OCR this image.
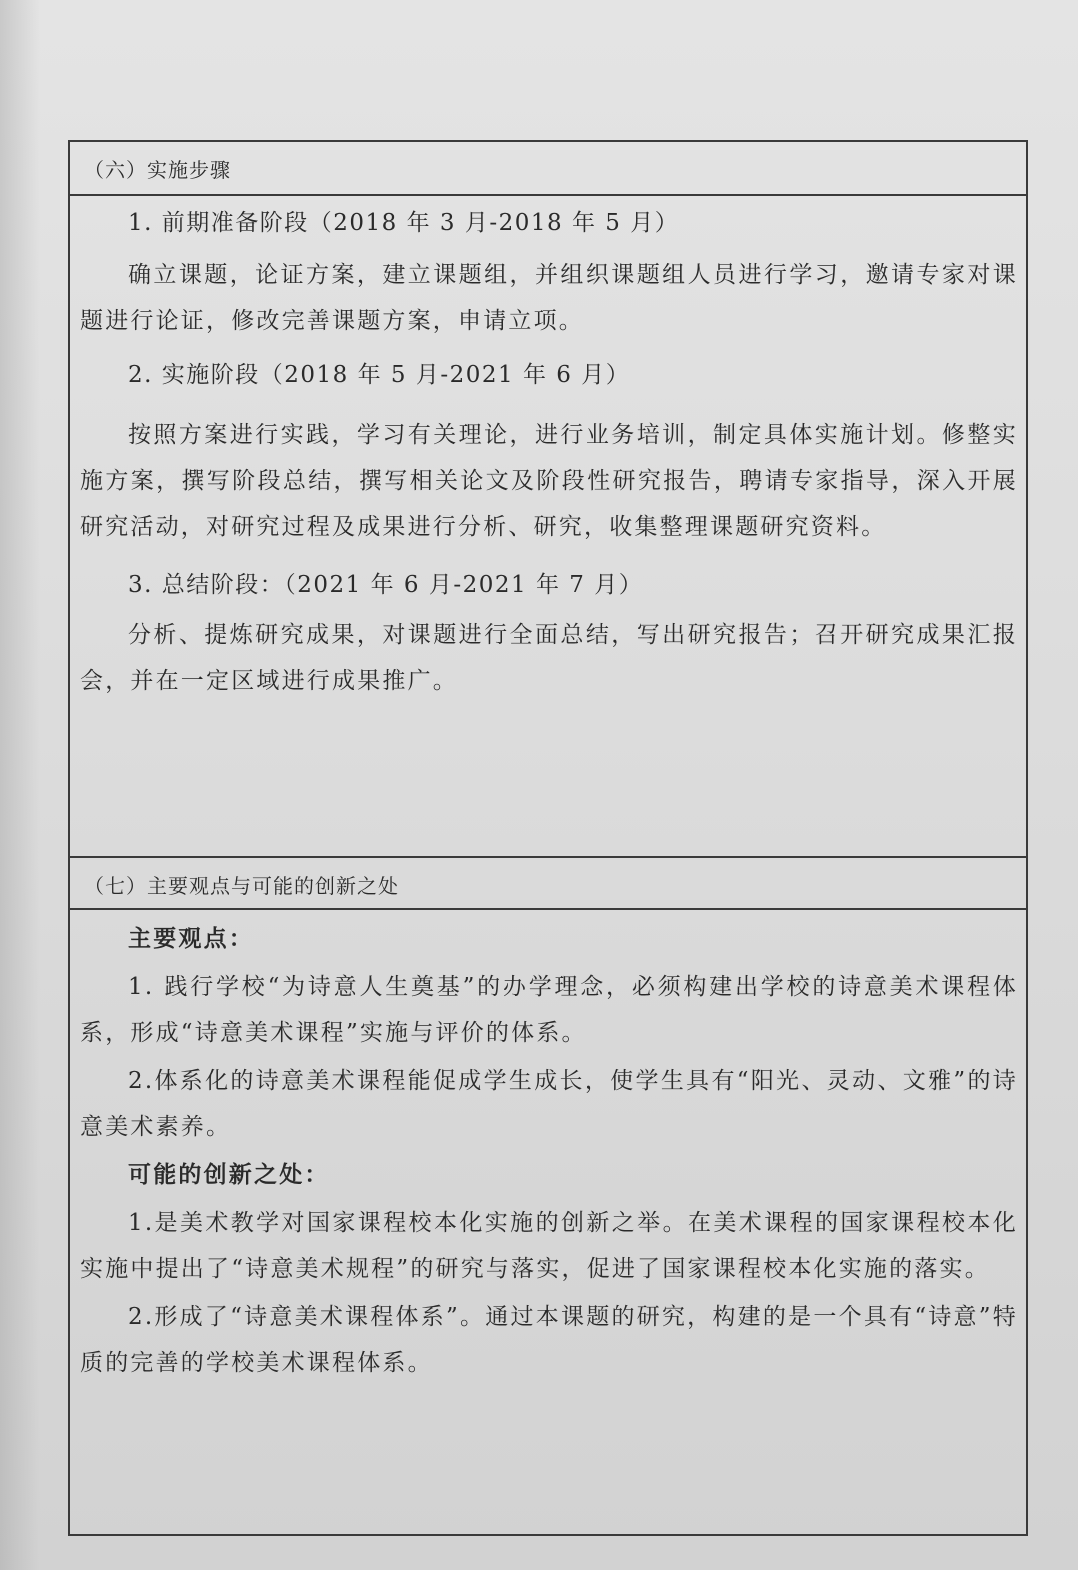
（六）实施步骤

1. 前期准备阶段（2018 年 3 月-2018 年 5 月）

确立课题，论证方案，建立课题组，并组织课题组人员进行学习，邀请专家对课题进行论证，修改完善课题方案，申请立项。

2. 实施阶段（2018 年 5 月-2021 年 6 月）

按照方案进行实践，学习有关理论，进行业务培训，制定具体实施计划。修整实施方案，撰写阶段总结，撰写相关论文及阶段性研究报告，聘请专家指导，深入开展研究活动，对研究过程及成果进行分析、研究，收集整理课题研究资料。

3. 总结阶段：（2021 年 6 月-2021 年 7 月）

分析、提炼研究成果，对课题进行全面总结，写出研究报告；召开研究成果汇报会，并在一定区域进行成果推广。

（七）主要观点与可能的创新之处

主要观点：

1. 践行学校“为诗意人生奠基”的办学理念，必须构建出学校的诗意美术课程体系，形成“诗意美术课程”实施与评价的体系。

2.体系化的诗意美术课程能促成学生成长，使学生具有“阳光、灵动、文雅”的诗意美术素养。

可能的创新之处：

1.是美术教学对国家课程校本化实施的创新之举。在美术课程的国家课程校本化实施中提出了“诗意美术规程”的研究与落实，促进了国家课程校本化实施的落实。

2.形成了“诗意美术课程体系”。通过本课题的研究，构建的是一个具有“诗意”特质的完善的学校美术课程体系。
